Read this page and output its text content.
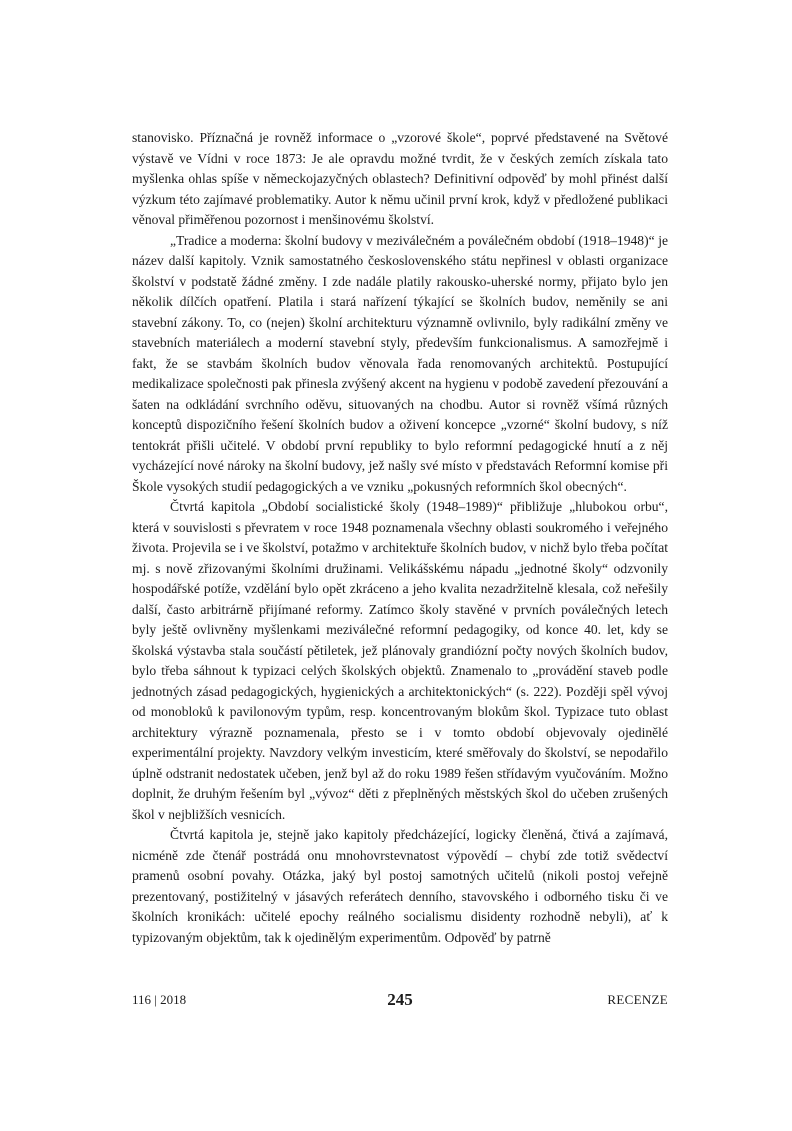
stanovisko. Příznačná je rovněž informace o „vzorové škole“, poprvé představené na Světové výstavě ve Vídni v roce 1873: Je ale opravdu možné tvrdit, že v českých zemích získala tato myšlenka ohlas spíše v německojazyčných oblastech? Definitivní odpověď by mohl přinést další výzkum této zajímavé problematiky. Autor k němu učinil první krok, když v předložené publikaci věnoval přiměřenou pozornost i menšinovému školství.

„Tradice a moderna: školní budovy v meziválečném a poválečném období (1918–1948)“ je název další kapitoly. Vznik samostatného československého státu nepřinesl v oblasti organizace školství v podstatě žádné změny. I zde nadále platily rakousko-uherské normy, přijato bylo jen několik dílčích opatření. Platila i stará nařízení týkající se školních budov, neměnily se ani stavební zákony. To, co (nejen) školní architekturu významně ovlivnilo, byly radikální změny ve stavebních materiálech a moderní stavební styly, především funkcionalismus. A samozřejmě i fakt, že se stavbám školních budov věnovala řada renomovaných architektů. Postupující medikalizace společnosti pak přinesla zvýšený akcent na hygienu v podobě zavedení přezouvání a šaten na odkládání svrchního oděvu, situovaných na chodbu. Autor si rovněž všímá různých konceptů dispozičního řešení školních budov a oživení koncepce „vzorné“ školní budovy, s níž tentokrát přišli učitelé. V období první republiky to bylo reformní pedagogické hnutí a z něj vycházející nové nároky na školní budovy, jež našly své místo v představách Reformní komise při Škole vysokých studií pedagogických a ve vzniku „pokusných reformních škol obecných“.

Čtvrtá kapitola „Období socialistické školy (1948–1989)“ přibližuje „hlubokou orbu“, která v souvislosti s převratem v roce 1948 poznamenala všechny oblasti soukromého i veřejného života. Projevila se i ve školství, potažmo v architektuře školních budov, v nichž bylo třeba počítat mj. s nově zřizovanými školními družinami. Velikášskému nápadu „jednotné školy“ odzvonily hospodářské potíže, vzdělání bylo opět zkráceno a jeho kvalita nezadržitelně klesala, což neřešily další, často arbitrárně přijímané reformy. Zatímco školy stavěné v prvních poválečných letech byly ještě ovlivněny myšlenkami meziválečné reformní pedagogiky, od konce 40. let, kdy se školská výstavba stala součástí pětiletek, jež plánovaly grandiózní počty nových školních budov, bylo třeba sáhnout k typizaci celých školských objektů. Znamenalo to „provádění staveb podle jednotných zásad pedagogických, hygienických a architektonických“ (s. 222). Později spěl vývoj od monobloků k pavilonovým typům, resp. koncentrovaným blokům škol. Typizace tuto oblast architektury výrazně poznamenala, přesto se i v tomto období objevovaly ojedinělé experimentální projekty. Navzdory velkým investicím, které směřovaly do školství, se nepodařilo úplně odstranit nedostatek učeben, jenž byl až do roku 1989 řešen střídavým vyučováním. Možno doplnit, že druhým řešením byl „vývoz“ děti z přeplněných městských škol do učeben zrušených škol v nejbližších vesnicích.

Čtvrtá kapitola je, stejně jako kapitoly předcházející, logicky členěná, čtivá a zajímavá, nicméně zde čtenář postrádá onu mnohovrstevnatost výpovědí – chybí zde totiž svědectví pramenů osobní povahy. Otázka, jaký byl postoj samotných učitelů (nikoli postoj veřejně prezentovaný, postižitelný v jásavých referátech denního, stavovského i odborného tisku či ve školních kronikách: učitelé epochy reálného socialismu disidenty rozhodně nebyli), ať k typizovaným objektům, tak k ojedinělým experimentům. Odpověď by patrně

116 | 2018	245	RECENZE
